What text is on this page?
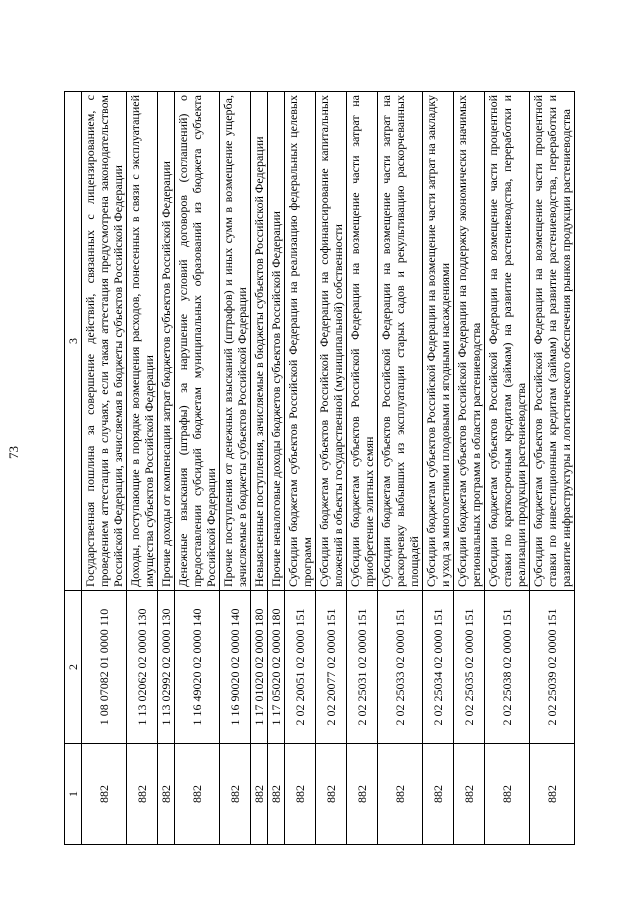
73
1	2	3
882	1 08 07082 01 0000 110	Государственная пошлина за совершение действий, связанных с лицензированием, с проведением аттестации в случаях, если такая аттестация предусмотрена законодательством Российской Федерации, зачисляемая в бюджеты субъектов Российской Федерации
882	1 13 02062 02 0000 130	Доходы, поступающие в порядке возмещения расходов, понесенных в связи с эксплуатацией имущества субъектов Российской Федерации
882	1 13 02992 02 0000 130	Прочие доходы от компенсации затрат бюджетов субъектов Российской Федерации
882	1 16 49020 02 0000 140	Денежные взыскания (штрафы) за нарушение условий договоров (соглашений) о предоставлении субсидий бюджетам муниципальных образований из бюджета субъекта Российской Федерации
882	1 16 90020 02 0000 140	Прочие поступления от денежных взысканий (штрафов) и иных сумм в возмещение ущерба, зачисляемые в бюджеты субъектов Российской Федерации
882	1 17 01020 02 0000 180	Невыясненные поступления, зачисляемые в бюджеты субъектов Российской Федерации
882	1 17 05020 02 0000 180	Прочие неналоговые доходы бюджетов субъектов Российской Федерации
882	2 02 20051 02 0000 151	Субсидии бюджетам субъектов Российской Федерации на реализацию федеральных целевых программ
882	2 02 20077 02 0000 151	Субсидии бюджетам субъектов Российской Федерации на софинансирование капитальных вложений в объекты государственной (муниципальной) собственности
882	2 02 25031 02 0000 151	Субсидии бюджетам субъектов Российской Федерации на возмещение части затрат на приобретение элитных семян
882	2 02 25033 02 0000 151	Субсидии бюджетам субъектов Российской Федерации на возмещение части затрат на раскорчевку выбывших из эксплуатации старых садов и рекультивацию раскорчеванных площадей
882	2 02 25034 02 0000 151	Субсидии бюджетам субъектов Российской Федерации на возмещение части затрат на закладку и уход за многолетними плодовыми и ягодными насаждениями
882	2 02 25035 02 0000 151	Субсидии бюджетам субъектов Российской Федерации на поддержку экономически значимых региональных программ в области растениеводства
882	2 02 25038 02 0000 151	Субсидии бюджетам субъектов Российской Федерации на возмещение части процентной ставки по краткосрочным кредитам (займам) на развитие растениеводства, переработки и реализации продукции растениеводства
882	2 02 25039 02 0000 151	Субсидии бюджетам субъектов Российской Федерации на возмещение части процентной ставки по инвестиционным кредитам (займам) на развитие растениеводства, переработки и развитие инфраструктуры и логистического обеспечения рынков продукции растениеводства
